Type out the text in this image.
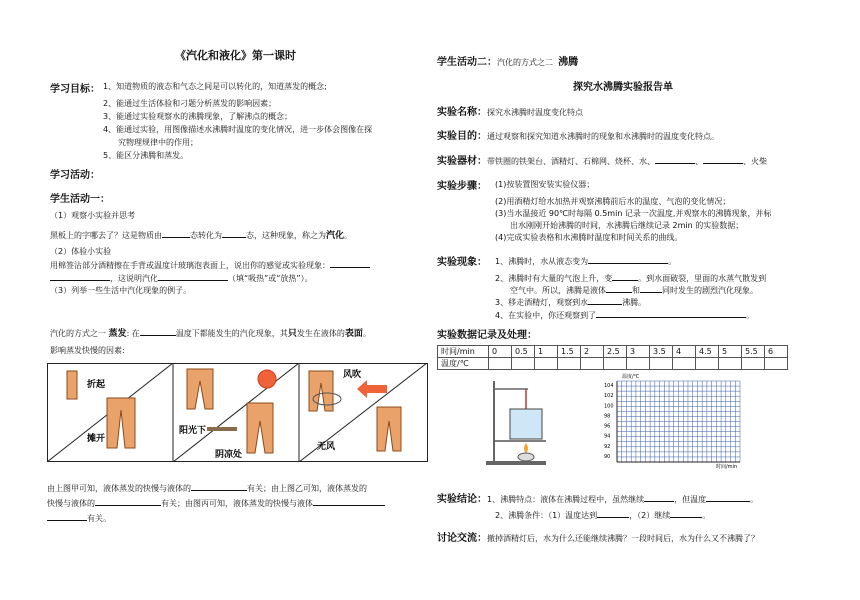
《汽化和液化》第一课时
学习目标： 1、知道物质的液态和气态之间是可以转化的，知道蒸发的概念;
2、能通过生活体验和刁题分析蒸发的影响因素；
3、能通过实验观察水的沸腾现象，了解沸点的概念；
4、能通过实验，用图像描述水沸腾时温度的变化情况，进一步体会图像在探
究物理规律中的作用；
5、能区分沸腾和蒸发。
学习活动：
学生活动一：
（1）观察小实验并思考
黑板上的字哪去了？这是物质由	态转化为	态，这种现象，称之为汽化。
（2）体验小实验
用棉签沾部分酒精擦在手背或温度计玻璃泡表面上，说出你的感觉或实验现象：
，这说明汽化	（填“吸热”或“放热”）。
（3）列举一些生活中汽化现象的例子。
汽化的方式之一 蒸发: 在	温度下都能发生的汽化现象，其只发生在液体的表面。
影响蒸发快慢的因素:
折起
摊开
阳光下
阴凉处
风吹
无风
由上图甲可知，液体蒸发的快慢与液体的	有关；由上图乙可知，液体蒸发的
快慢与液体的	有关；由图丙可知，液体蒸发的快慢与液体
有关。
学生活动二：汽化的方式之二 沸腾
探究水沸腾实验报告单
实验名称：探究水沸腾时温度变化特点
实验目的：通过观察和探究知道水沸腾时的现象和水沸腾时的温度变化特点。
实验器材：带铁圈的铁架台、酒精灯、石棉网、烧杯、水、	、	、火柴
实验步骤： (1)按装置图安装实验仪器；
(2)用酒精灯给水加热并观察沸腾前后水的温度、气泡的变化情况；
(3)当水温接近 90℃时每隔 0.5min 记录一次温度,并观察水的沸腾现象，并标
出水刚刚开始沸腾的时间，水沸腾后继续记录 2min 的实验数据；
(4)完成实验表格和水沸腾时温度和时间关系的曲线。
实验现象： 1、沸腾时，水从液态变为	。
2、沸腾时有大量的气泡上升，变	。到水面破裂，里面的水蒸气散发到
空气中。所以，沸腾是液体	和	同时发生的剧烈汽化现象。
3、移走酒精灯，观察到水	沸腾。
4、在实验中，你还观察到了	。
实验数据记录及处理：
时间/min	0	0.5	1	1.5	2	2.5	3	3.5	4	4.5	5	5.5	6
温度/℃													
温度/℃
时间/min
104
102
100
98
96
94
92
90
实验结论：1、沸腾特点：液体在沸腾过程中，虽然继续	，但温度	。
2、沸腾条件：（1）温度达到	，（2）继续	。
讨论交流：撤掉酒精灯后，水为什么还能继续沸腾？一段时间后，水为什么又不沸腾了？
